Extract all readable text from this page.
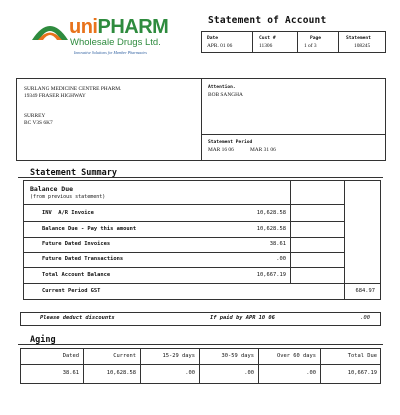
uniPHARM
Wholesale Drugs Ltd.
Innovative Solutions for Member Pharmacies
Statement of Account
Date
APR. 01 06
Cust #
11306
Page
1 of 3
Statement
108245
SURLANG MEDICINE CENTRE PHARM.
19349 FRASER HIGHWAY
SURREY
BC V3S 6K7
Attention.
BOB SANGHA
Statement Period
MAR 16 06	MAR 31 06
Statement Summary
Balance Due
(from previous statement)
INV  A/R Invoice	10,628.58
Balance Due - Pay this amount	10,628.58
Future Dated Invoices	38.61
Future Dated Transactions	.00
Total Account Balance	10,667.19
Current Period GST	684.97
Please deduct discounts	If paid by APR 10 06	.00
Aging
Dated	Current	15-29 days	30-59 days	Over 60 days	Total Due
38.61	10,628.58	.00	.00	.00	10,667.19
